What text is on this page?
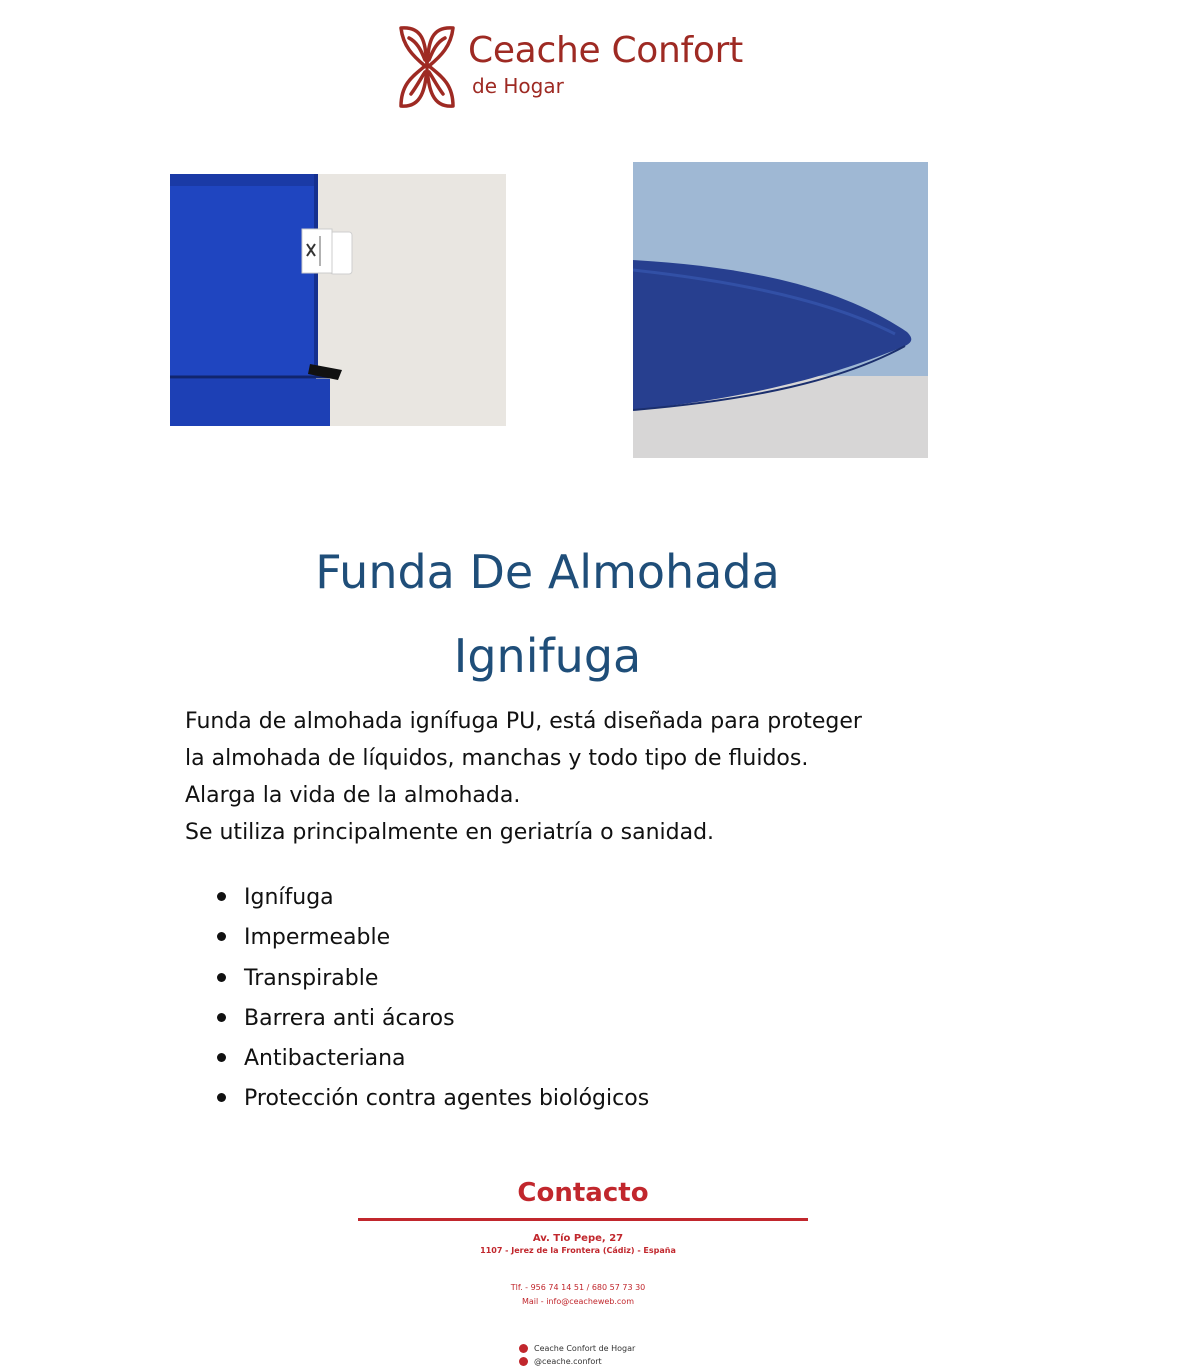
Ceache Confort
de Hogar
Funda De Almohada
Ignifuga
Funda de almohada ignífuga PU, está diseñada para proteger
la almohada de líquidos, manchas y todo tipo de fluidos.
Alarga la vida de la almohada.
Se utiliza principalmente en geriatría o sanidad.
Ignífuga
Impermeable
Transpirable
Barrera anti ácaros
Antibacteriana
Protección contra agentes biológicos
Contacto
Av. Tío Pepe, 27
1107 - Jerez de la Frontera (Cádiz) - España
Tlf. - 956 74 14 51 / 680 57 73 30
Mail - info@ceacheweb.com
Ceache Confort de Hogar
@ceache.confort
